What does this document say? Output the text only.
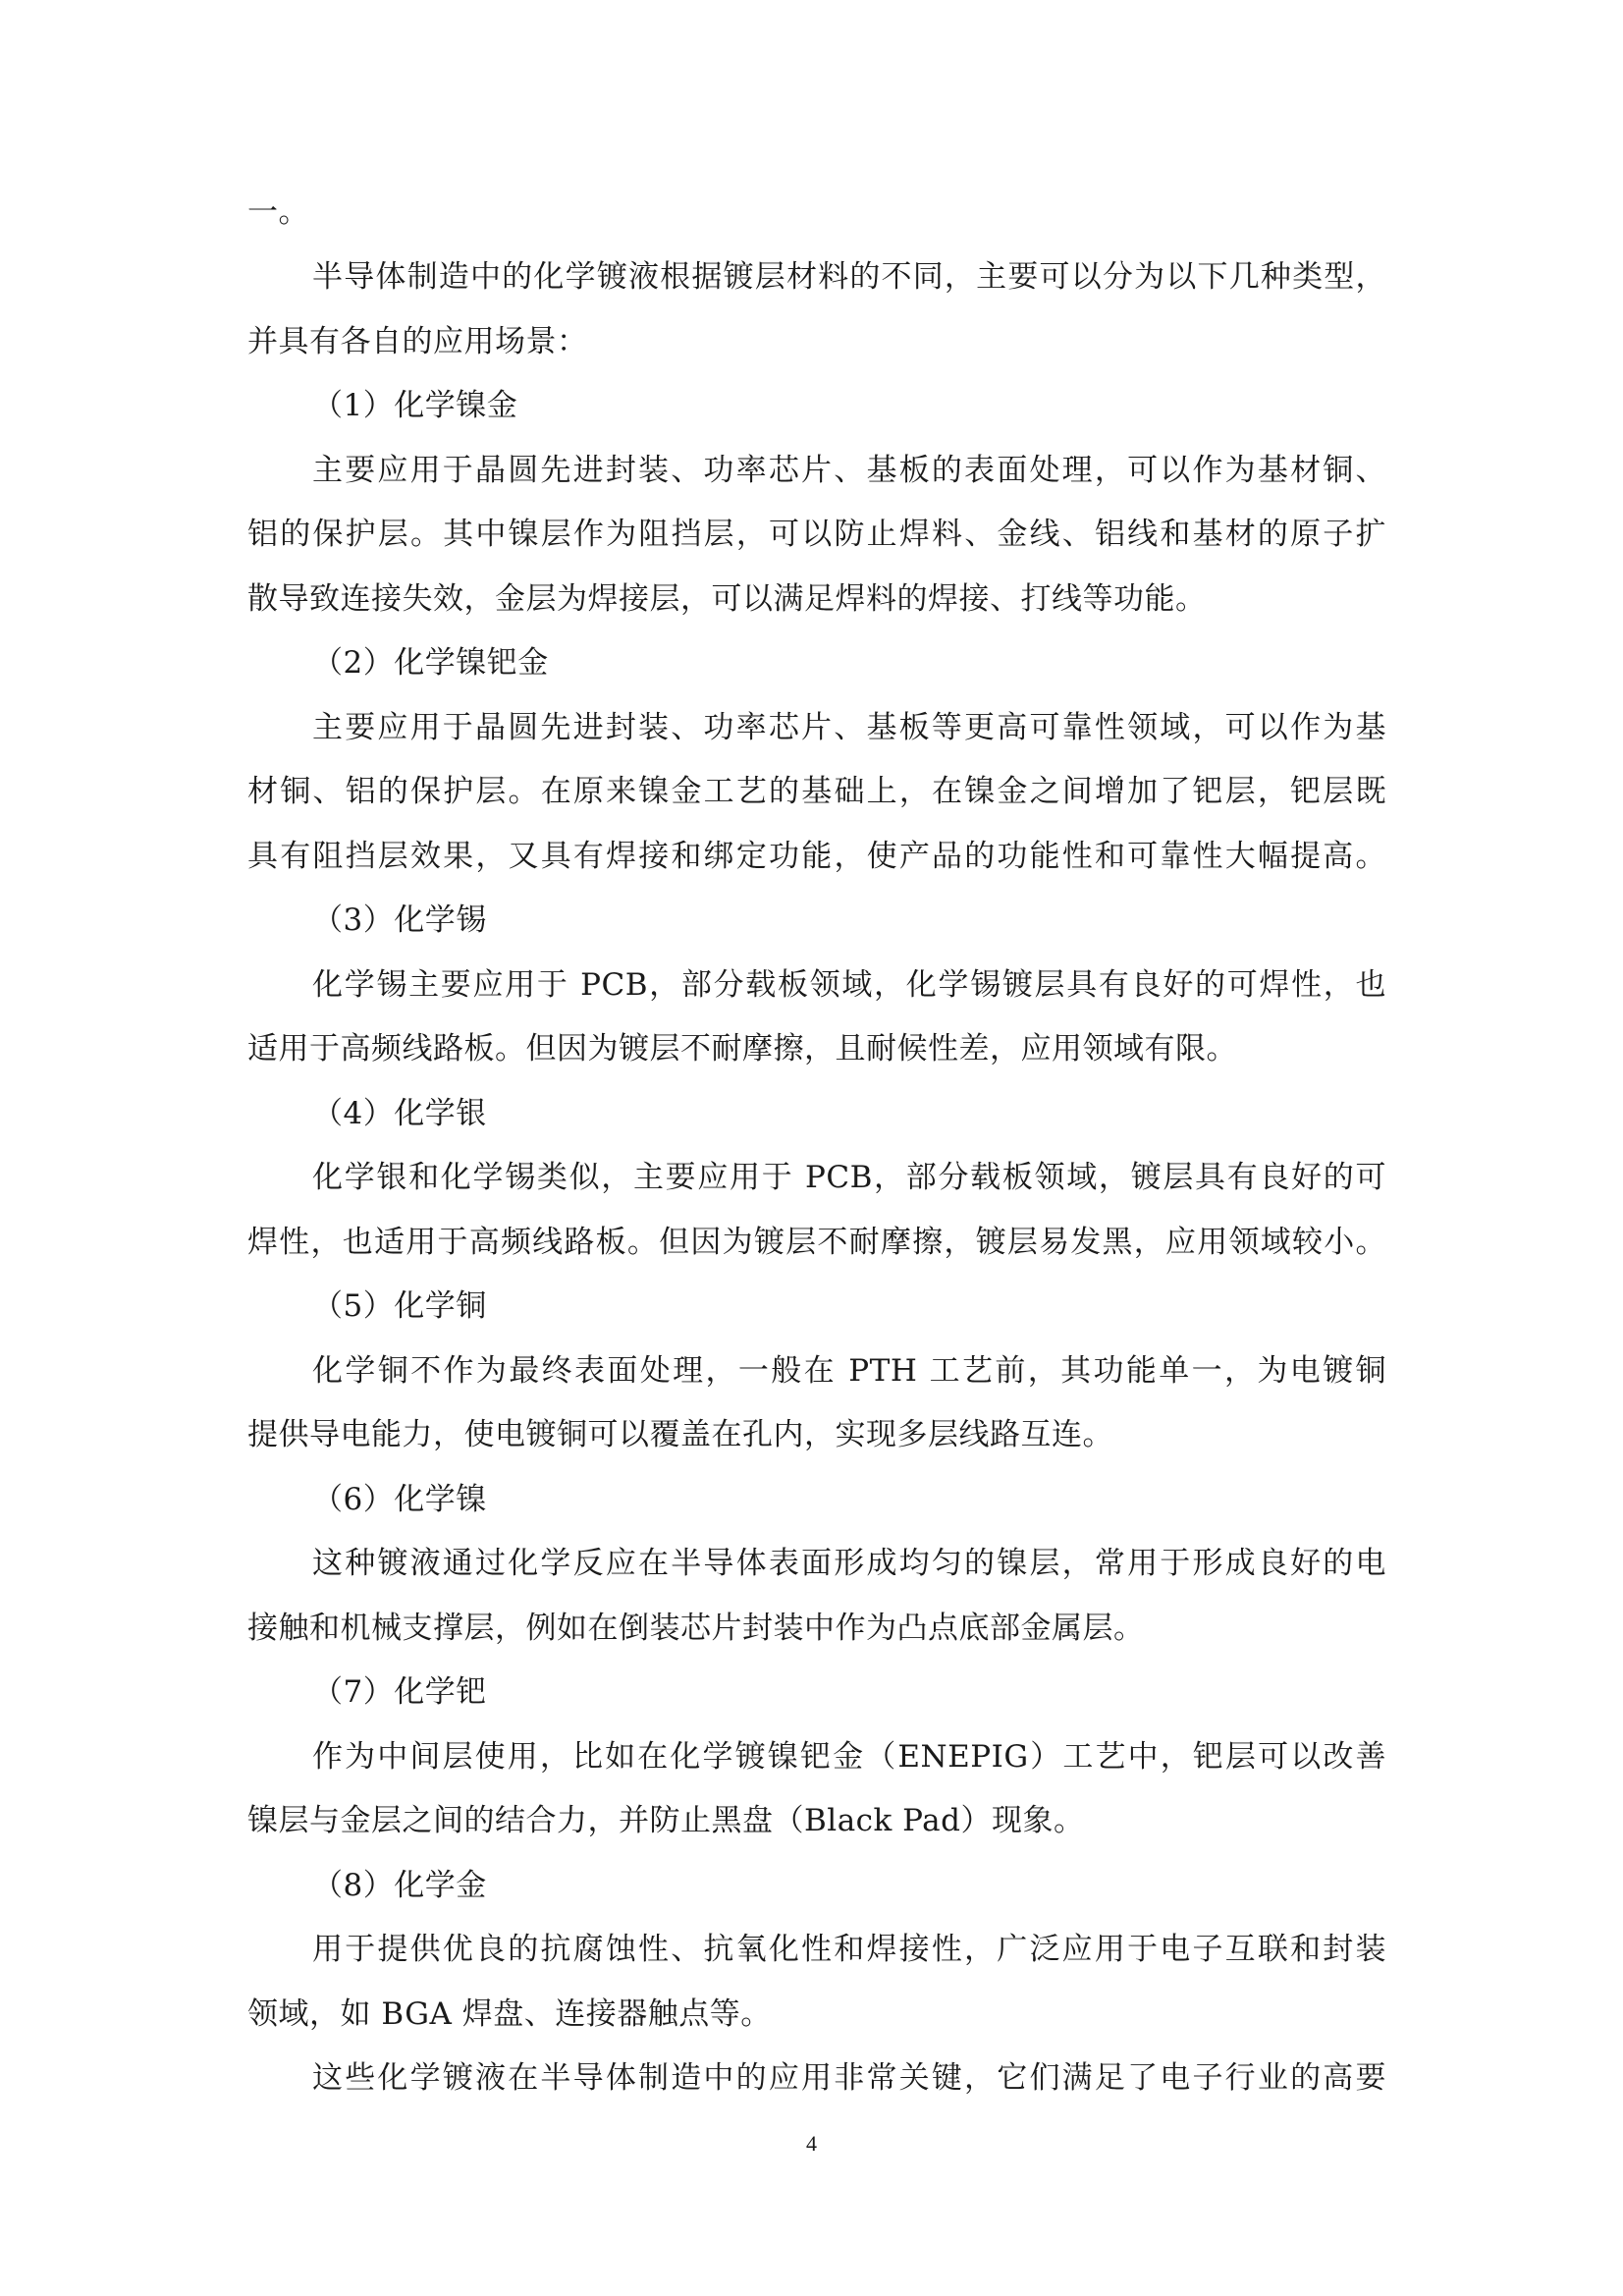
一。
半导体制造中的化学镀液根据镀层材料的不同，主要可以分为以下几种类型，
并具有各自的应用场景：
（1）化学镍金
主要应用于晶圆先进封装、功率芯片、基板的表面处理，可以作为基材铜、
铝的保护层。其中镍层作为阻挡层，可以防止焊料、金线、铝线和基材的原子扩
散导致连接失效，金层为焊接层，可以满足焊料的焊接、打线等功能。
（2）化学镍钯金
主要应用于晶圆先进封装、功率芯片、基板等更高可靠性领域，可以作为基
材铜、铝的保护层。在原来镍金工艺的基础上，在镍金之间增加了钯层，钯层既
具有阻挡层效果，又具有焊接和绑定功能，使产品的功能性和可靠性大幅提高。
（3）化学锡
化学锡主要应用于 PCB，部分载板领域，化学锡镀层具有良好的可焊性，也
适用于高频线路板。但因为镀层不耐摩擦，且耐候性差，应用领域有限。
（4）化学银
化学银和化学锡类似，主要应用于 PCB，部分载板领域，镀层具有良好的可
焊性，也适用于高频线路板。但因为镀层不耐摩擦，镀层易发黑，应用领域较小。
（5）化学铜
化学铜不作为最终表面处理，一般在 PTH 工艺前，其功能单一，为电镀铜
提供导电能力，使电镀铜可以覆盖在孔内，实现多层线路互连。
（6）化学镍
这种镀液通过化学反应在半导体表面形成均匀的镍层，常用于形成良好的电
接触和机械支撑层，例如在倒装芯片封装中作为凸点底部金属层。
（7）化学钯
作为中间层使用，比如在化学镀镍钯金（ENEPIG）工艺中，钯层可以改善
镍层与金层之间的结合力，并防止黑盘（Black Pad）现象。
（8）化学金
用于提供优良的抗腐蚀性、抗氧化性和焊接性，广泛应用于电子互联和封装
领域，如 BGA 焊盘、连接器触点等。
这些化学镀液在半导体制造中的应用非常关键，它们满足了电子行业的高要
4
